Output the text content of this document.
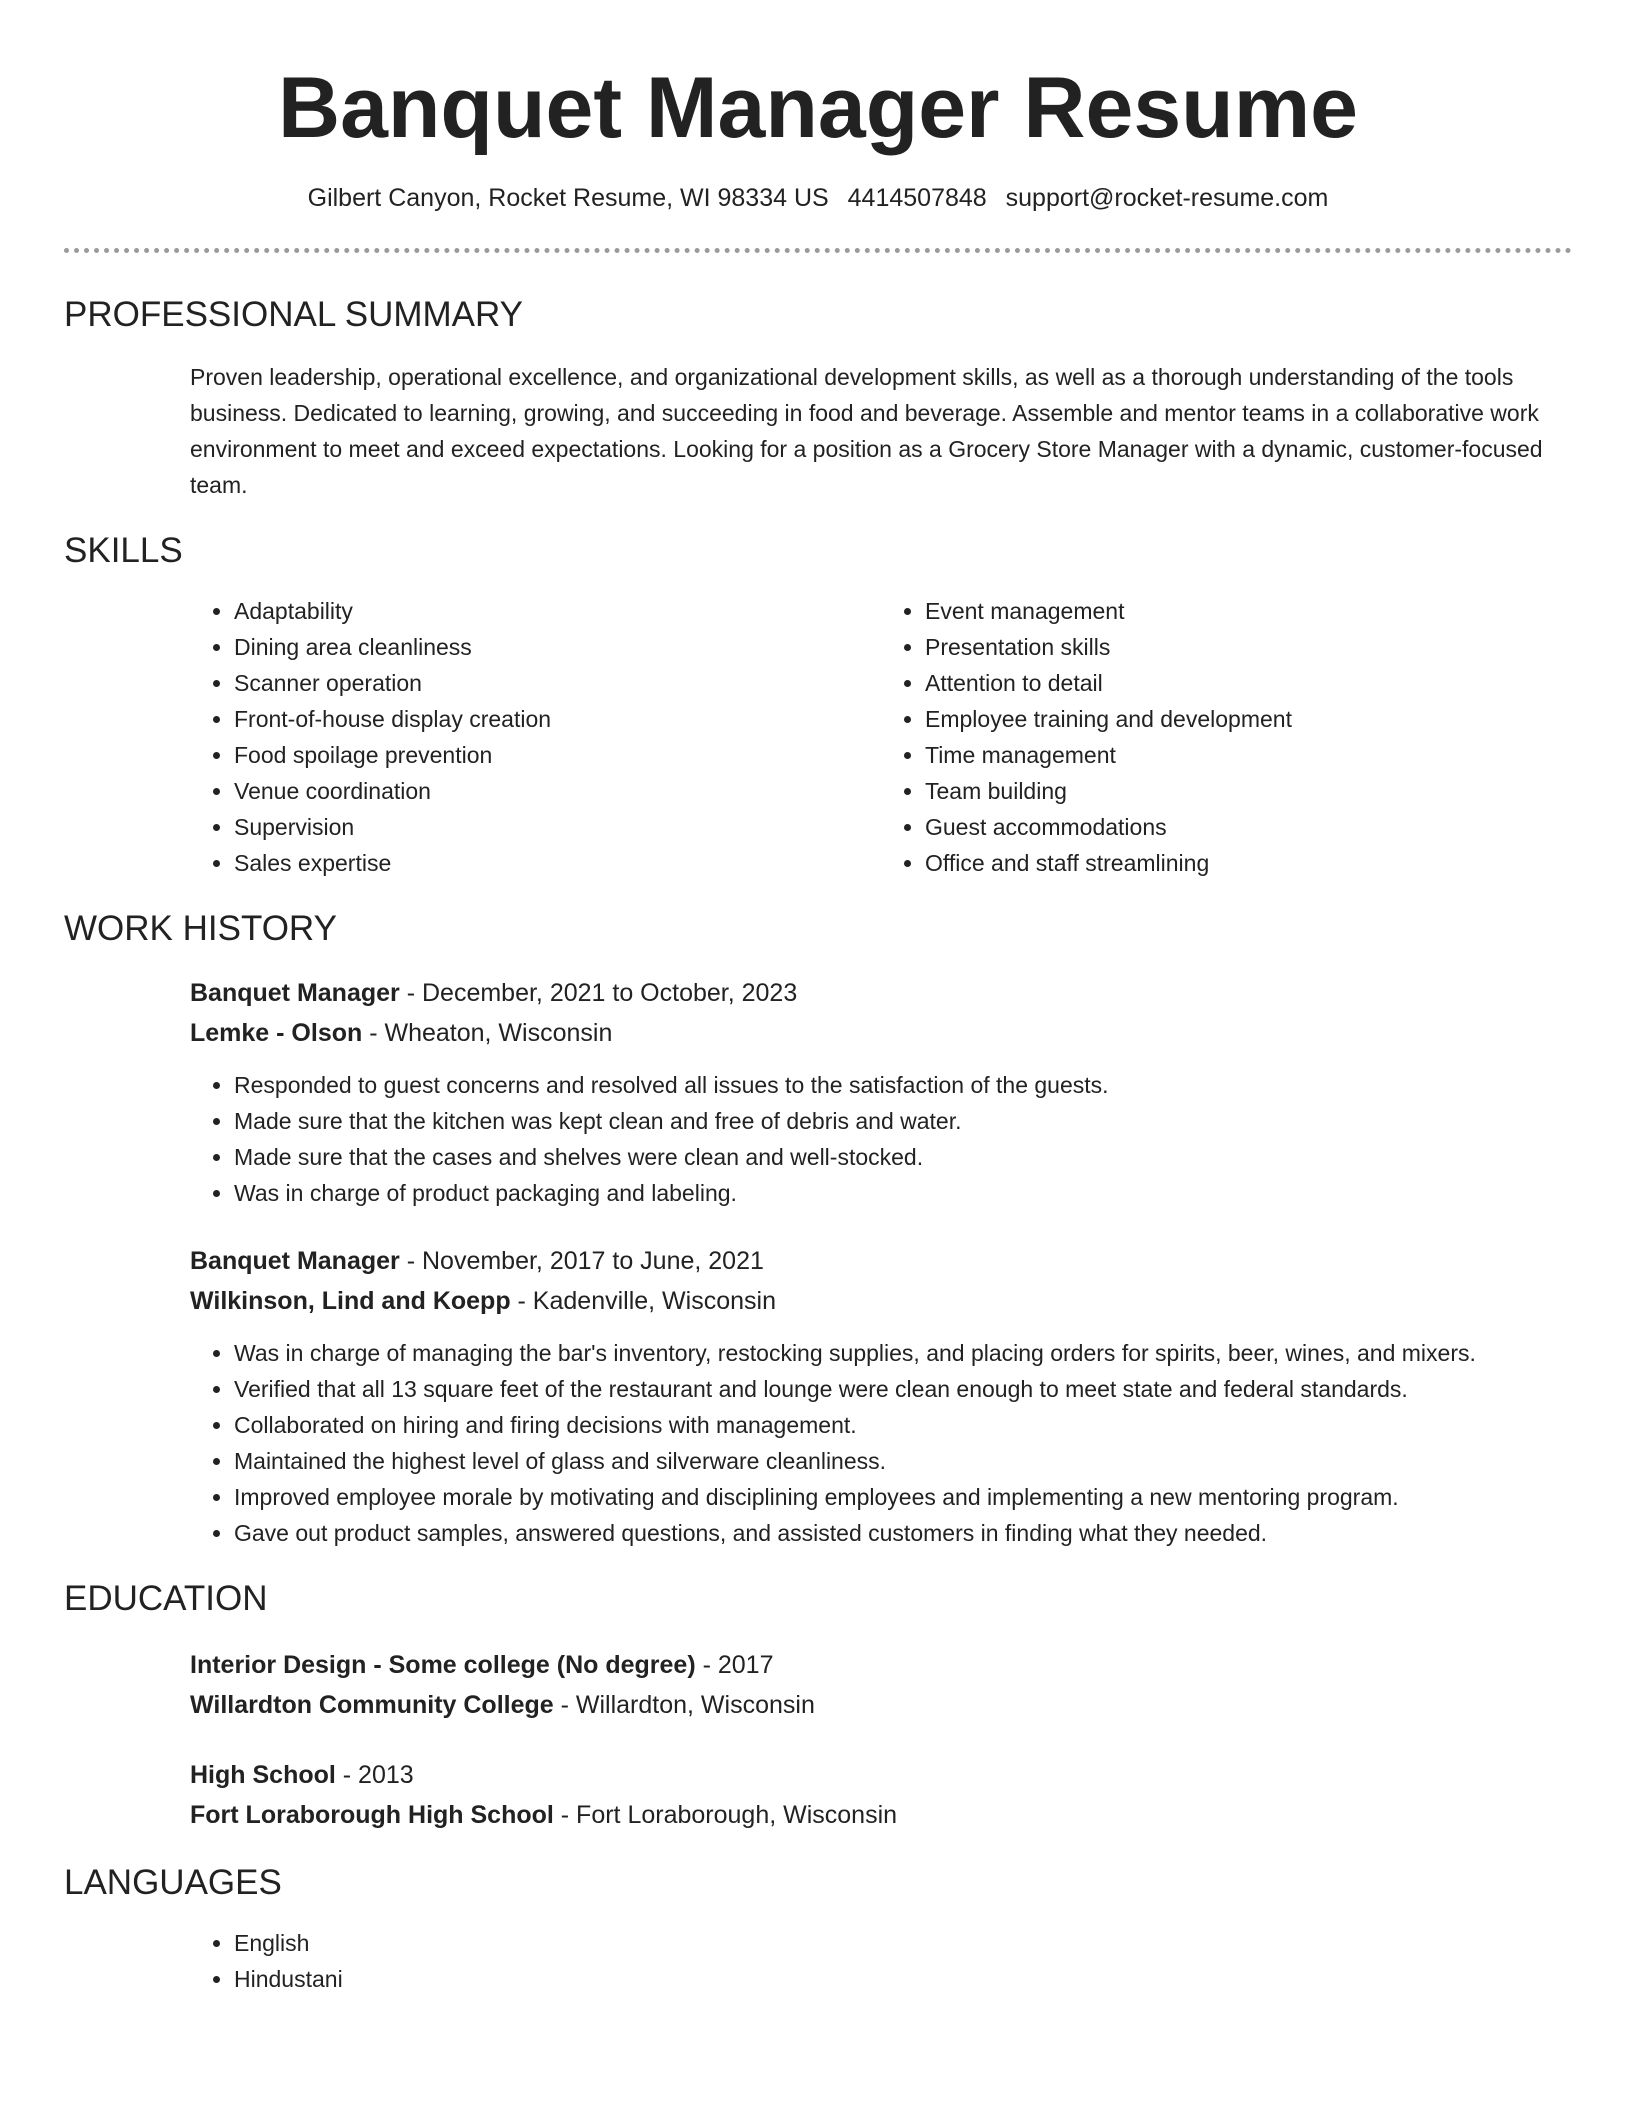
Banquet Manager Resume
Gilbert Canyon, Rocket Resume, WI 98334 US 4414507848 support@rocket-resume.com
PROFESSIONAL SUMMARY
Proven leadership, operational excellence, and organizational development skills, as well as a thorough understanding of the tools business. Dedicated to learning, growing, and succeeding in food and beverage. Assemble and mentor teams in a collaborative work environment to meet and exceed expectations. Looking for a position as a Grocery Store Manager with a dynamic, customer-focused team.
SKILLS
• Adaptability
• Dining area cleanliness
• Scanner operation
• Front-of-house display creation
• Food spoilage prevention
• Venue coordination
• Supervision
• Sales expertise
• Event management
• Presentation skills
• Attention to detail
• Employee training and development
• Time management
• Team building
• Guest accommodations
• Office and staff streamlining
WORK HISTORY
Banquet Manager - December, 2021 to October, 2023
Lemke - Olson - Wheaton, Wisconsin
• Responded to guest concerns and resolved all issues to the satisfaction of the guests.
• Made sure that the kitchen was kept clean and free of debris and water.
• Made sure that the cases and shelves were clean and well-stocked.
• Was in charge of product packaging and labeling.
Banquet Manager - November, 2017 to June, 2021
Wilkinson, Lind and Koepp - Kadenville, Wisconsin
• Was in charge of managing the bar's inventory, restocking supplies, and placing orders for spirits, beer, wines, and mixers.
• Verified that all 13 square feet of the restaurant and lounge were clean enough to meet state and federal standards.
• Collaborated on hiring and firing decisions with management.
• Maintained the highest level of glass and silverware cleanliness.
• Improved employee morale by motivating and disciplining employees and implementing a new mentoring program.
• Gave out product samples, answered questions, and assisted customers in finding what they needed.
EDUCATION
Interior Design - Some college (No degree) - 2017
Willardton Community College - Willardton, Wisconsin
High School - 2013
Fort Loraborough High School - Fort Loraborough, Wisconsin
LANGUAGES
• English
• Hindustani
